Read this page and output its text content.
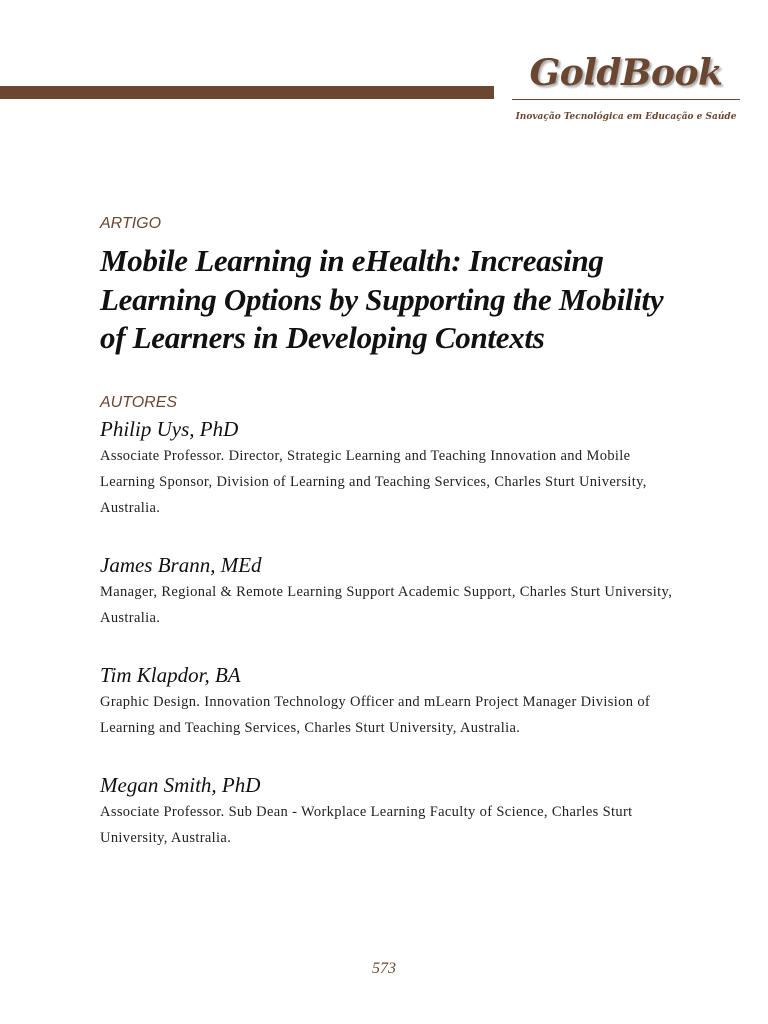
GoldBook
Inovação Tecnológica em Educação e Saúde

ARTIGO

Mobile Learning in eHealth: Increasing Learning Options by Supporting the Mobility of Learners in Developing Contexts

AUTORES

Philip Uys, PhD

Associate Professor. Director, Strategic Learning and Teaching Innovation and Mobile Learning Sponsor, Division of Learning and Teaching Services, Charles Sturt University, Australia.

James Brann, MEd

Manager, Regional & Remote Learning Support Academic Support, Charles Sturt University, Australia.

Tim Klapdor, BA

Graphic Design. Innovation Technology Officer and mLearn Project Manager Division of Learning and Teaching Services, Charles Sturt University, Australia.

Megan Smith, PhD

Associate Professor. Sub Dean - Workplace Learning Faculty of Science, Charles Sturt University, Australia.

573
